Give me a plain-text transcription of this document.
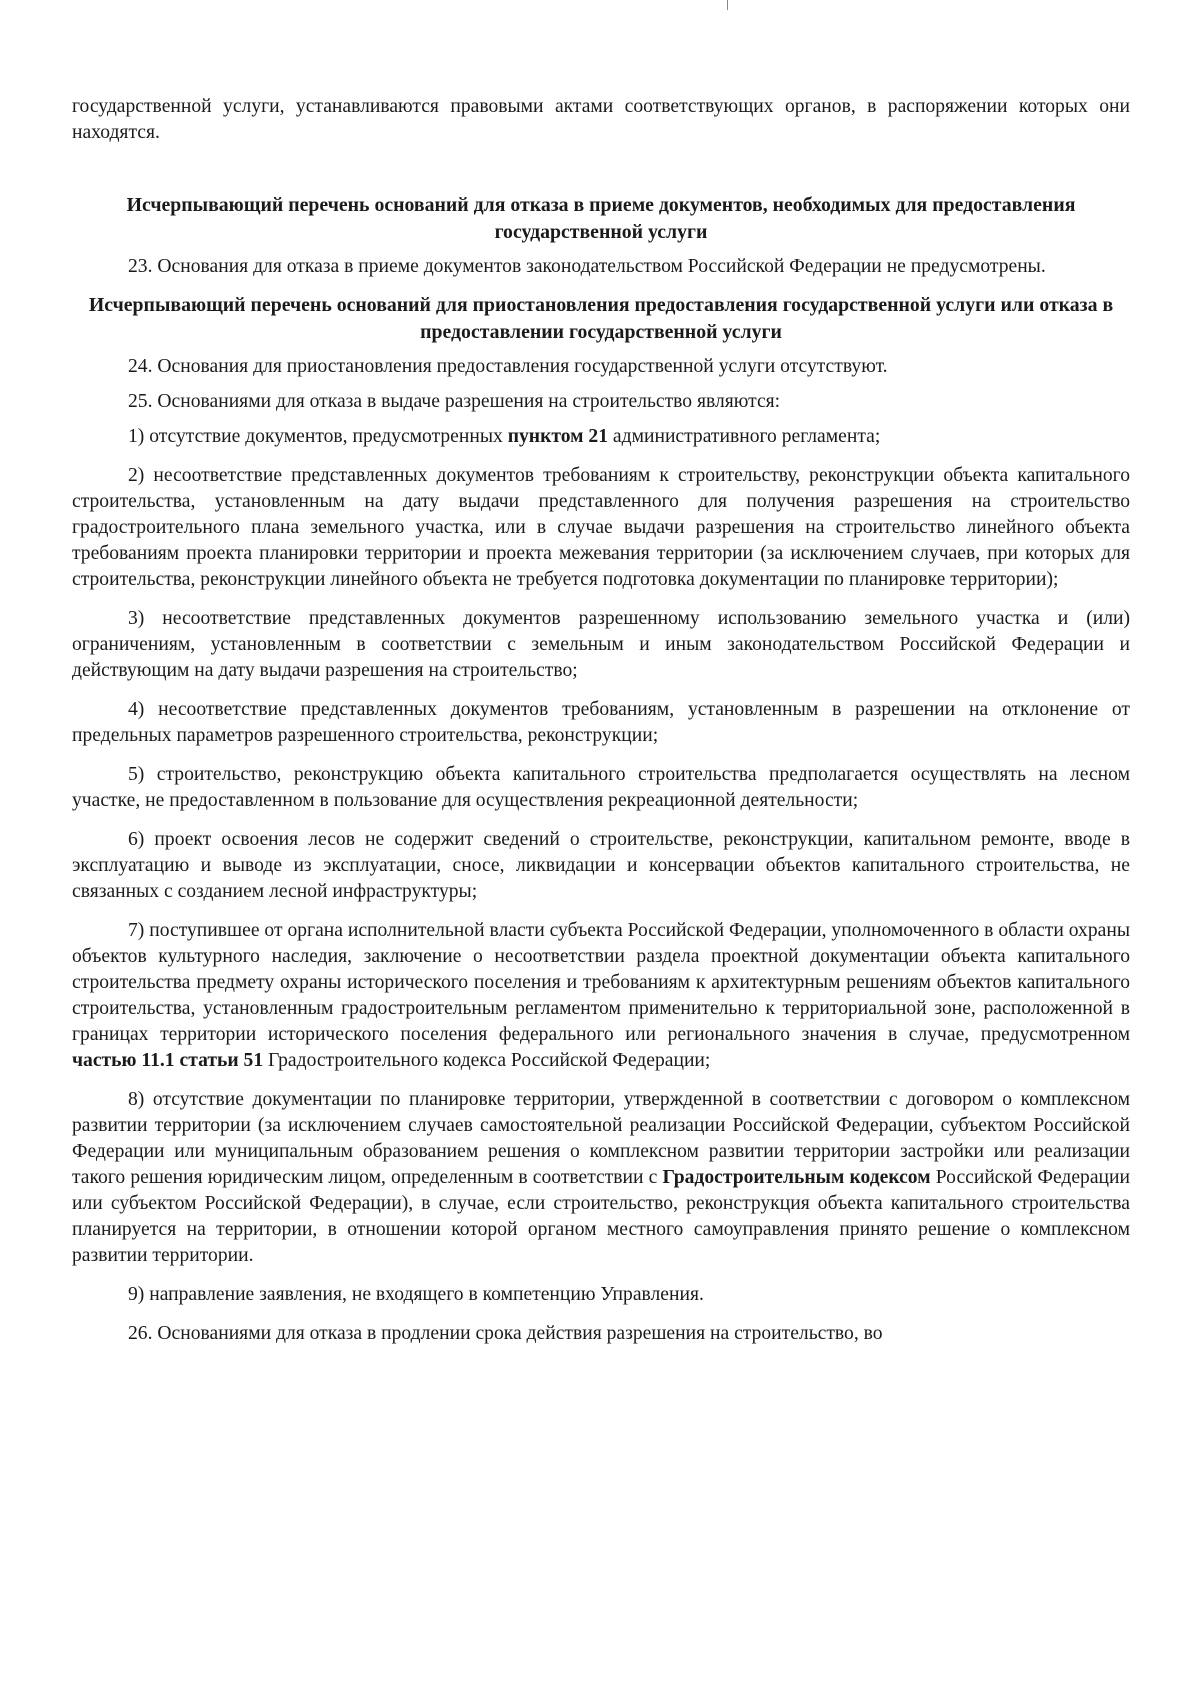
государственной услуги, устанавливаются правовыми актами соответствующих органов, в распоряжении которых они находятся.

Исчерпывающий перечень оснований для отказа в приеме документов, необходимых для предоставления государственной услуги

23. Основания для отказа в приеме документов законодательством Российской Федерации не предусмотрены.

Исчерпывающий перечень оснований для приостановления предоставления государственной услуги или отказа в предоставлении государственной услуги

24. Основания для приостановления предоставления государственной услуги отсутствуют.

25. Основаниями для отказа в выдаче разрешения на строительство являются:

1) отсутствие документов, предусмотренных пунктом 21 административного регламента;

2) несоответствие представленных документов требованиям к строительству, реконструкции объекта капитального строительства, установленным на дату выдачи представленного для получения разрешения на строительство градостроительного плана земельного участка, или в случае выдачи разрешения на строительство линейного объекта требованиям проекта планировки территории и проекта межевания территории (за исключением случаев, при которых для строительства, реконструкции линейного объекта не требуется подготовка документации по планировке территории);

3) несоответствие представленных документов разрешенному использованию земельного участка и (или) ограничениям, установленным в соответствии с земельным и иным законодательством Российской Федерации и действующим на дату выдачи разрешения на строительство;

4) несоответствие представленных документов требованиям, установленным в разрешении на отклонение от предельных параметров разрешенного строительства, реконструкции;

5) строительство, реконструкцию объекта капитального строительства предполагается осуществлять на лесном участке, не предоставленном в пользование для осуществления рекреационной деятельности;

6) проект освоения лесов не содержит сведений о строительстве, реконструкции, капитальном ремонте, вводе в эксплуатацию и выводе из эксплуатации, сносе, ликвидации и консервации объектов капитального строительства, не связанных с созданием лесной инфраструктуры;

7) поступившее от органа исполнительной власти субъекта Российской Федерации, уполномоченного в области охраны объектов культурного наследия, заключение о несоответствии раздела проектной документации объекта капитального строительства предмету охраны исторического поселения и требованиям к архитектурным решениям объектов капитального строительства, установленным градостроительным регламентом применительно к территориальной зоне, расположенной в границах территории исторического поселения федерального или регионального значения в случае, предусмотренном частью 11.1 статьи 51 Градостроительного кодекса Российской Федерации;

8) отсутствие документации по планировке территории, утвержденной в соответствии с договором о комплексном развитии территории (за исключением случаев самостоятельной реализации Российской Федерации, субъектом Российской Федерации или муниципальным образованием решения о комплексном развитии территории застройки или реализации такого решения юридическим лицом, определенным в соответствии с Градостроительным кодексом Российской Федерации или субъектом Российской Федерации), в случае, если строительство, реконструкция объекта капитального строительства планируется на территории, в отношении которой органом местного самоуправления принято решение о комплексном развитии территории.

9) направление заявления, не входящего в компетенцию Управления.

26. Основаниями для отказа в продлении срока действия разрешения на строительство, во
